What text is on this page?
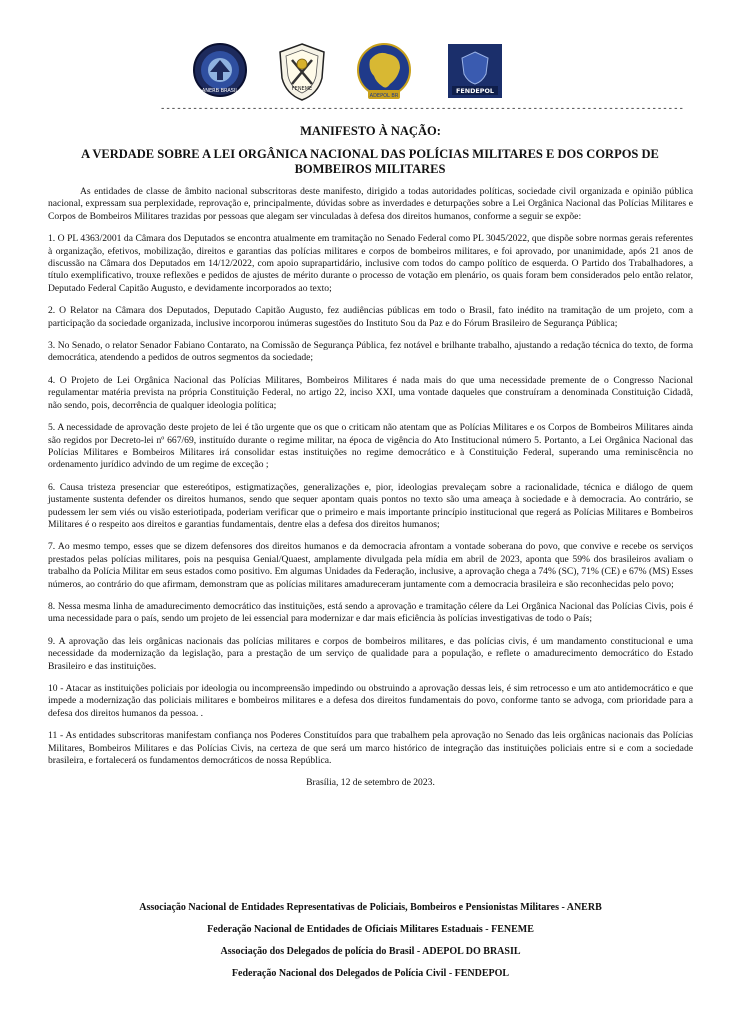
ANERB BRASIL	FENEME
ADEPOL BR
FENDEPOL
-------------------------------------------------------------------------------------------------
MANIFESTO À NAÇÃO:
A VERDADE SOBRE A LEI ORGÂNICA NACIONAL DAS POLÍCIAS MILITARES E DOS CORPOS DE BOMBEIROS MILITARES

As entidades de classe de âmbito nacional subscritoras deste manifesto, dirigido a todas autoridades políticas, sociedade civil organizada e opinião pública nacional, expressam sua perplexidade, reprovação e, principalmente, dúvidas sobre as inverdades e deturpações sobre a Lei Orgânica Nacional das Polícias Militares e Corpos de Bombeiros Militares trazidas por pessoas que alegam ser vinculadas à defesa dos direitos humanos, conforme a seguir se expõe:

1. O PL 4363/2001 da Câmara dos Deputados se encontra atualmente em tramitação no Senado Federal como PL 3045/2022, que dispõe sobre normas gerais referentes à organização, efetivos, mobilização, direitos e garantias das polícias militares e corpos de bombeiros militares, e foi aprovado, por unanimidade, após 21 anos de discussão na Câmara dos Deputados em 14/12/2022, com apoio suprapartidário, inclusive com todos do campo político de esquerda. O Partido dos Trabalhadores, a título exemplificativo, trouxe reflexões e pedidos de ajustes de mérito durante o processo de votação em plenário, os quais foram bem considerados pelo então relator, Deputado Federal Capitão Augusto, e devidamente incorporados ao texto;

2. O Relator na Câmara dos Deputados, Deputado Capitão Augusto, fez audiências públicas em todo o Brasil, fato inédito na tramitação de um projeto, com a participação da sociedade organizada, inclusive incorporou inúmeras sugestões do Instituto Sou da Paz e do Fórum Brasileiro de Segurança Pública;

3. No Senado, o relator Senador Fabiano Contarato, na Comissão de Segurança Pública, fez notável e brilhante trabalho, ajustando a redação técnica do texto, de forma democrática, atendendo a pedidos de outros segmentos da sociedade;

4. O Projeto de Lei Orgânica Nacional das Polícias Militares, Bombeiros Militares é nada mais do que uma necessidade premente de o Congresso Nacional regulamentar matéria prevista na própria Constituição Federal, no artigo 22, inciso XXI, uma vontade daqueles que construíram a denominada Constituição Cidadã, não sendo, pois, decorrência de qualquer ideologia política;

5. A necessidade de aprovação deste projeto de lei é tão urgente que os que o criticam não atentam que as Polícias Militares e os Corpos de Bombeiros Militares ainda são regidos por Decreto-lei nº 667/69, instituído durante o regime militar, na época de vigência do Ato Institucional número 5. Portanto, a Lei Orgânica Nacional das Polícias Militares e Bombeiros Militares irá consolidar estas instituições no regime democrático e à Constituição Federal, superando uma reminiscência no ordenamento jurídico advindo de um regime de exceção ;

6. Causa tristeza presenciar que estereótipos, estigmatizações, generalizações e, pior, ideologias prevaleçam sobre a racionalidade, técnica e diálogo de quem justamente sustenta defender os direitos humanos, sendo que sequer apontam quais pontos no texto são uma ameaça à sociedade e à democracia. Ao contrário, se pudessem ler sem viés ou visão esteriotipada, poderiam verificar que o primeiro e mais importante princípio institucional que regerá as Polícias Militares e Bombeiros Militares é o respeito aos direitos e garantias fundamentais, dentre elas a defesa dos direitos humanos;

7. Ao mesmo tempo, esses que se dizem defensores dos direitos humanos e da democracia afrontam a vontade soberana do povo, que convive e recebe os serviços prestados pelas polícias militares, pois na pesquisa Genial/Quaest, amplamente divulgada pela mídia em abril de 2023, aponta que 59% dos brasileiros avaliam o trabalho da Polícia Militar em seus estados como positivo. Em algumas Unidades da Federação, inclusive, a aprovação chega a 74% (SC), 71% (CE) e 67% (MS) Esses números, ao contrário do que afirmam, demonstram que as polícias militares amadureceram juntamente com a democracia brasileira e são reconhecidas pelo povo;

8. Nessa mesma linha de amadurecimento democrático das instituições, está sendo a aprovação e tramitação célere da Lei Orgânica Nacional das Polícias Civis, pois é uma necessidade para o país, sendo um projeto de lei essencial para modernizar e dar mais eficiência às polícias investigativas de todo o País;

9. A aprovação das leis orgânicas nacionais das polícias militares e corpos de bombeiros militares, e das polícias civis, é um mandamento constitucional e uma necessidade da modernização da legislação, para a prestação de um serviço de qualidade para a população, e reflete o amadurecimento democrático do Estado Brasileiro e das instituições.

10 - Atacar as instituições policiais por ideologia ou incompreensão impedindo ou obstruindo a aprovação dessas leis, é sim retrocesso e um ato antidemocrático e que impede a modernização das policiais militares e bombeiros militares e a defesa dos direitos fundamentais do povo, conforme tanto se advoga, com prioridade para a defesa dos direitos humanos da pessoa. .

11 - As entidades subscritoras manifestam confiança nos Poderes Constituídos para que trabalhem pela aprovação no Senado das leis orgânicas nacionais das Polícias Militares, Bombeiros Militares e das Polícias Civis, na certeza de que será um marco histórico de integração das instituições policiais entre si e com a sociedade brasileira, e fortalecerá os fundamentos democráticos de nossa República.

Brasília, 12 de setembro de 2023.
Associação Nacional de Entidades Representativas de Policiais, Bombeiros e Pensionistas Militares - ANERB
Federação Nacional de Entidades de Oficiais Militares Estaduais - FENEME
Associação dos Delegados de polícia do Brasil - ADEPOL DO BRASIL
Federação Nacional dos Delegados de Polícia Civil - FENDEPOL
